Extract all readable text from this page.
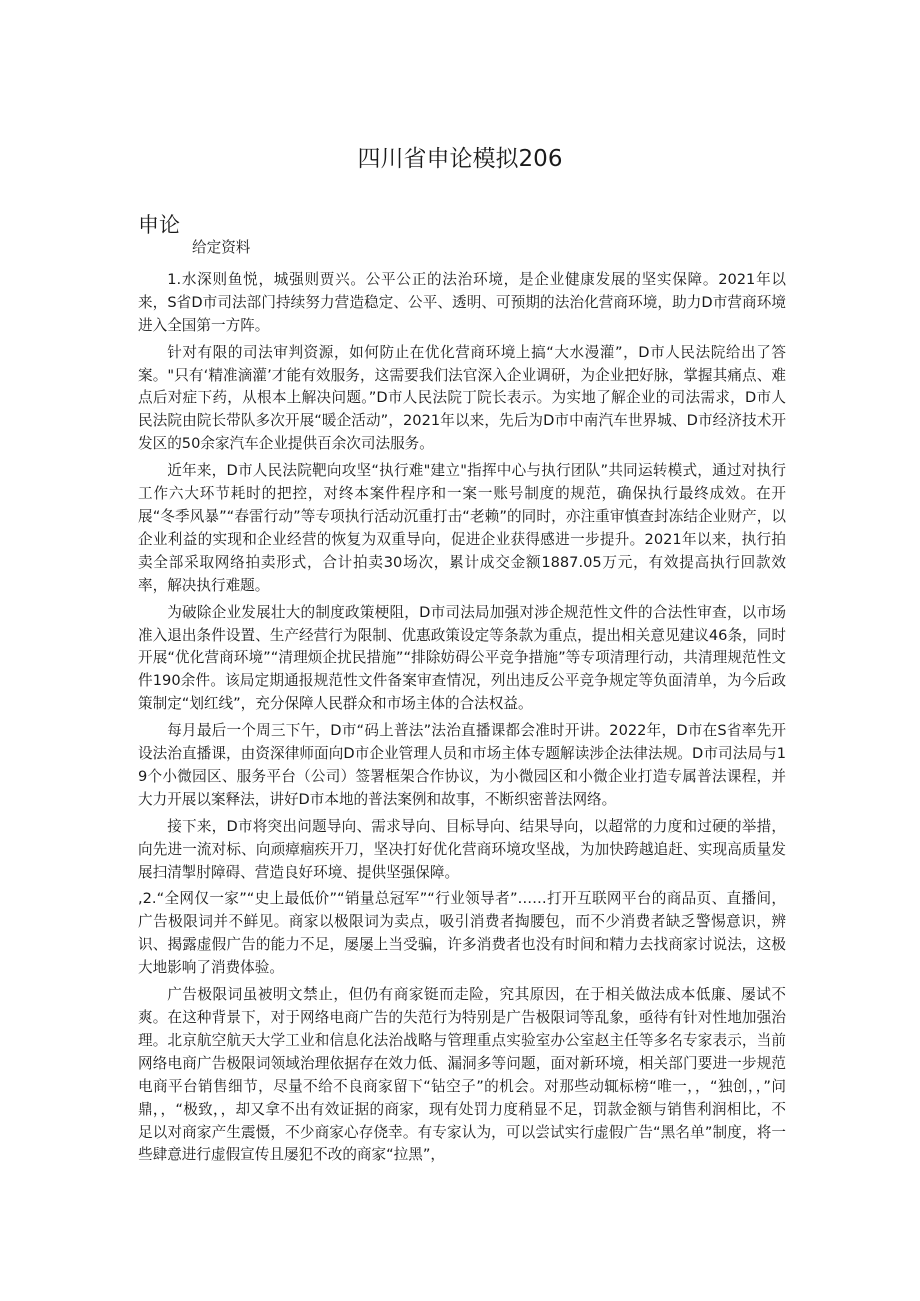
四川省申论模拟206
申论

给定资料

1.水深则鱼悦，城强则贾兴。公平公正的法治环境，是企业健康发展的坚实保障。2021年以来，S省D市司法部门持续努力营造稳定、公平、透明、可预期的法治化营商环境，助力D市营商环境进入全国第一方阵。

针对有限的司法审判资源，如何防止在优化营商环境上搞“大水漫灌”，D市人民法院给出了答案。"只有‘精准滴灌’才能有效服务，这需要我们法官深入企业调研，为企业把好脉，掌握其痛点、难点后对症下药，从根本上解决问题。”D市人民法院丁院长表示。为实地了解企业的司法需求，D市人民法院由院长带队多次开展“暖企活动”，2021年以来，先后为D市中南汽车世界城、D市经济技术开发区的50余家汽车企业提供百余次司法服务。

近年来，D市人民法院靶向攻坚“执行难"建立"指挥中心与执行团队”共同运转模式，通过对执行工作六大环节耗时的把控，对终本案件程序和一案一账号制度的规范，确保执行最终成效。在开展“冬季风暴”“春雷行动”等专项执行活动沉重打击“老赖”的同时，亦注重审慎查封冻结企业财产，以企业利益的实现和企业经营的恢复为双重导向，促进企业获得感进一步提升。2021年以来，执行拍卖全部采取网络拍卖形式，合计拍卖30场次，累计成交金额1887.05万元，有效提高执行回款效率，解决执行难题。

为破除企业发展壮大的制度政策梗阻，D市司法局加强对涉企规范性文件的合法性审查，以市场准入退出条件设置、生产经营行为限制、优惠政策设定等条款为重点，提出相关意见建议46条，同时开展“优化营商环境”“清理烦企扰民措施”“排除妨碍公平竞争措施”等专项清理行动，共清理规范性文件190余件。该局定期通报规范性文件备案审查情况，列出违反公平竞争规定等负面清单，为今后政策制定“划红线”，充分保障人民群众和市场主体的合法权益。

每月最后一个周三下午，D市“码上普法”法治直播课都会准时开讲。2022年，D市在S省率先开设法治直播课，由资深律师面向D市企业管理人员和市场主体专题解读涉企法律法规。D市司法局与19个小微园区、服务平台（公司）签署框架合作协议，为小微园区和小微企业打造专属普法课程，并大力开展以案释法，讲好D市本地的普法案例和故事，不断织密普法网络。

接下来，D市将突出问题导向、需求导向、目标导向、结果导向，以超常的力度和过硬的举措，向先进一流对标、向顽瘴痼疾开刀，坚决打好优化营商环境攻坚战，为加快跨越追赶、实现高质量发展扫清掣肘障碍、营造良好环境、提供坚强保障。

,2.“全网仅一家”“史上最低价”“销量总冠军”“行业领导者”……打开互联网平台的商品页、直播间，广告极限词并不鲜见。商家以极限词为卖点，吸引消费者掏腰包，而不少消费者缺乏警惕意识，辨识、揭露虚假广告的能力不足，屡屡上当受骗，许多消费者也没有时间和精力去找商家讨说法，这极大地影响了消费体验。

广告极限词虽被明文禁止，但仍有商家铤而走险，究其原因，在于相关做法成本低廉、屡试不爽。在这种背景下，对于网络电商广告的失范行为特别是广告极限词等乱象，亟待有针对性地加强治理。北京航空航天大学工业和信息化法治战略与管理重点实验室办公室赵主任等多名专家表示，当前网络电商广告极限词领域治理依据存在效力低、漏洞多等问题，面对新环境，相关部门要进一步规范电商平台销售细节，尽量不给不良商家留下“钻空子”的机会。对那些动辄标榜“唯一，，“独创，，”问鼎，，“极致，，却又拿不出有效证据的商家，现有处罚力度稍显不足，罚款金额与销售利润相比，不足以对商家产生震慑，不少商家心存侥幸。有专家认为，可以尝试实行虚假广告“黑名单”制度，将一些肆意进行虚假宣传且屡犯不改的商家“拉黑”，
